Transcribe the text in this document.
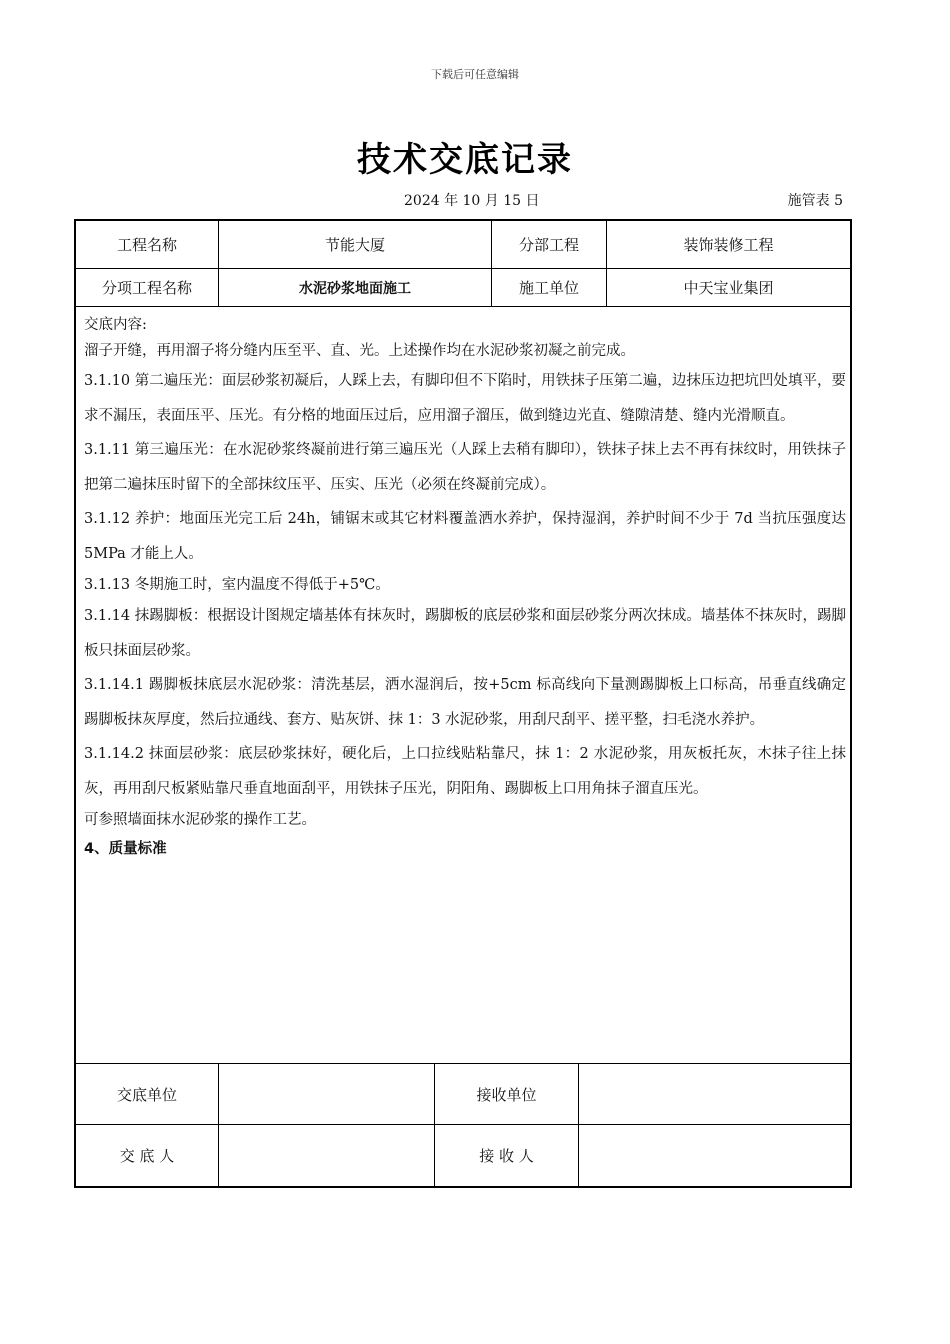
下载后可任意编辑
技术交底记录
2024 年 10 月 15 日	施管表 5
工程名称	节能大厦	分部工程	装饰装修工程
分项工程名称	水泥砂浆地面施工	施工单位	中天宝业集团

交底内容:

溜子开缝，再用溜子将分缝内压至平、直、光。上述操作均在水泥砂浆初凝之前完成。

3.1.10 第二遍压光：面层砂浆初凝后，人踩上去，有脚印但不下陷时，用铁抹子压第二遍，边抹压边把坑凹处填平，要求不漏压，表面压平、压光。有分格的地面压过后，应用溜子溜压，做到缝边光直、缝隙清楚、缝内光滑顺直。

3.1.11 第三遍压光：在水泥砂浆终凝前进行第三遍压光（人踩上去稍有脚印），铁抹子抹上去不再有抹纹时，用铁抹子把第二遍抹压时留下的全部抹纹压平、压实、压光（必须在终凝前完成）。

3.1.12 养护：地面压光完工后 24h，铺锯末或其它材料覆盖洒水养护，保持湿润，养护时间不少于 7d 当抗压强度达 5MPa 才能上人。

3.1.13 冬期施工时，室内温度不得低于+5℃。

3.1.14 抹踢脚板：根据设计图规定墙基体有抹灰时，踢脚板的底层砂浆和面层砂浆分两次抹成。墙基体不抹灰时，踢脚板只抹面层砂浆。

3.1.14.1 踢脚板抹底层水泥砂浆：清洗基层，洒水湿润后，按+5cm 标高线向下量测踢脚板上口标高，吊垂直线确定踢脚板抹灰厚度，然后拉通线、套方、贴灰饼、抹 1：3 水泥砂浆，用刮尺刮平、搓平整，扫毛浇水养护。

3.1.14.2 抹面层砂浆：底层砂浆抹好，硬化后，上口拉线贴粘靠尺，抹 1：2 水泥砂浆，用灰板托灰，木抹子往上抹灰，再用刮尺板紧贴靠尺垂直地面刮平，用铁抹子压光，阴阳角、踢脚板上口用角抹子溜直压光。

可参照墙面抹水泥砂浆的操作工艺。

4、质量标准

交底单位	接收单位
交 底 人	接 收 人
